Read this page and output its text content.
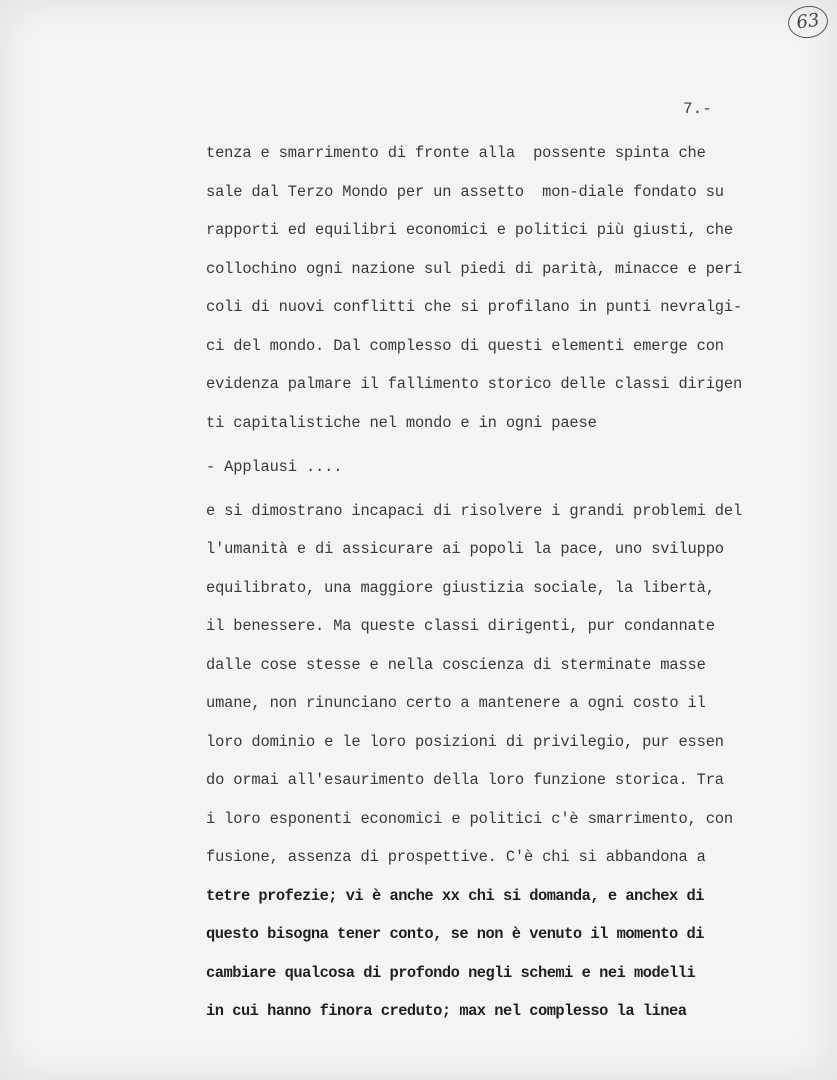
63
7.-
tenza e smarrimento di fronte alla  possente spinta che
sale dal Terzo Mondo per un assetto  mon-diale fondato su
rapporti ed equilibri economici e politici più giusti, che
collochino ogni nazione sul piedi di parità, minacce e peri
coli di nuovi conflitti che si profilano in punti nevralgi-
ci del mondo. Dal complesso di questi elementi emerge con
evidenza palmare il fallimento storico delle classi dirigen
ti capitalistiche nel mondo e in ogni paese
- Applausi ....
e si dimostrano incapaci di risolvere i grandi problemi del
l'umanità e di assicurare ai popoli la pace, uno sviluppo
equilibrato, una maggiore giustizia sociale, la libertà,
il benessere. Ma queste classi dirigenti, pur condannate
dalle cose stesse e nella coscienza di sterminate masse
umane, non rinunciano certo a mantenere a ogni costo il
loro dominio e le loro posizioni di privilegio, pur essen
do ormai all'esaurimento della loro funzione storica. Tra
i loro esponenti economici e politici c'è smarrimento, con
fusione, assenza di prospettive. C'è chi si abbandona a
tetre profezie; vi è anche xx chi si domanda, e anchex di
questo bisogna tener conto, se non è venuto il momento di
cambiare qualcosa di profondo negli schemi e nei modelli
in cui hanno finora creduto; max nel complesso la linea
